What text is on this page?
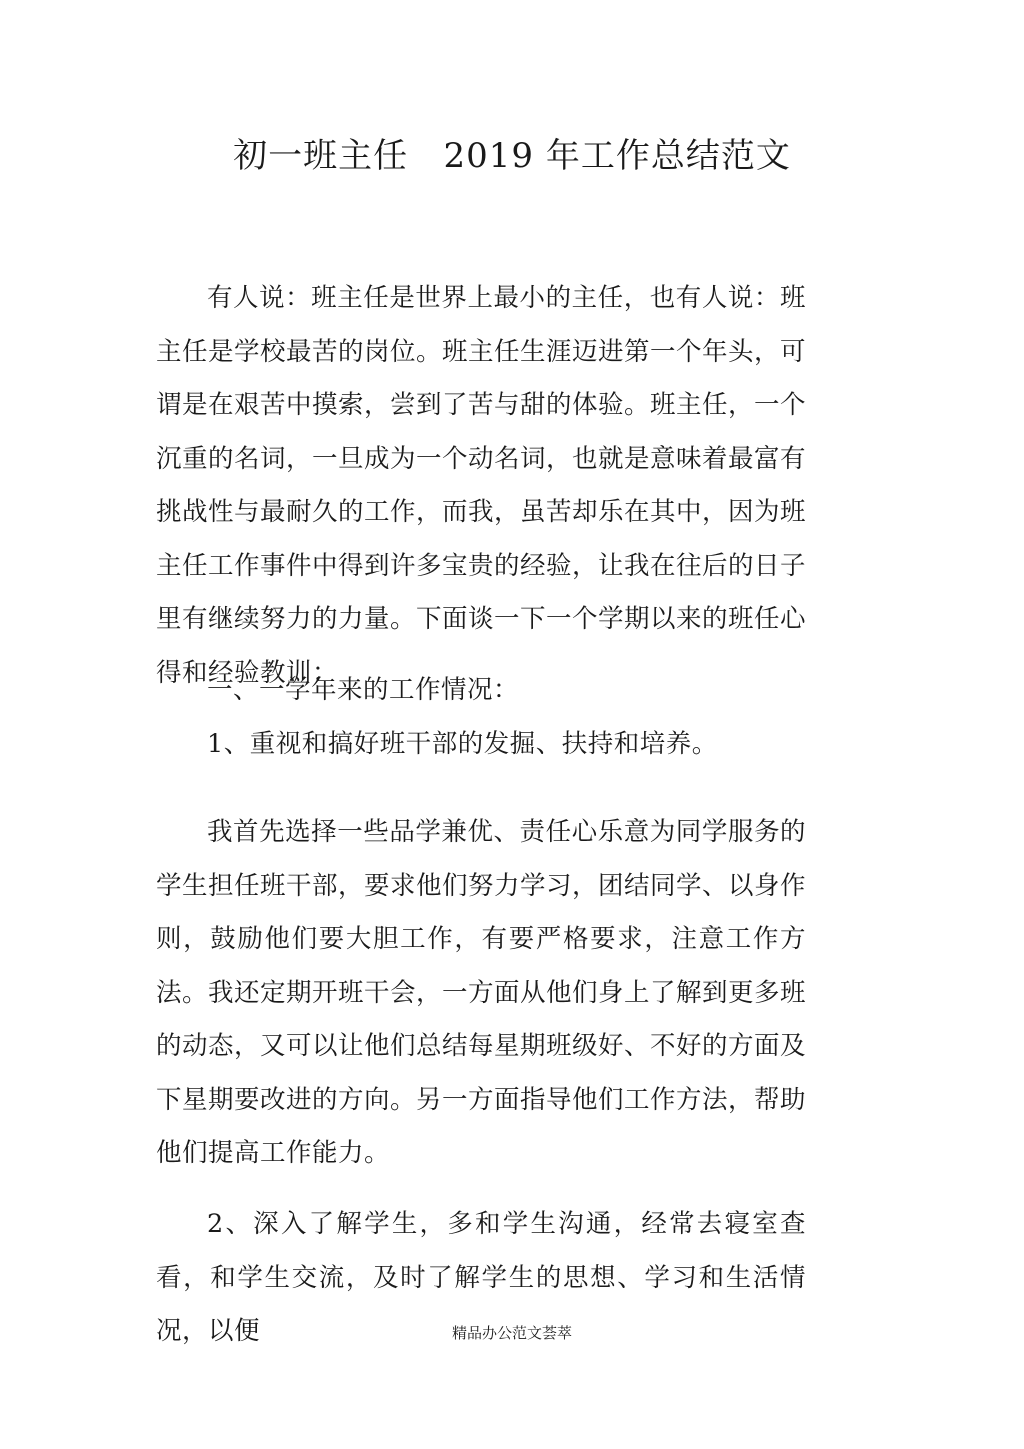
初一班主任   2019 年工作总结范文

有人说：班主任是世界上最小的主任，也有人说：班主任是学校最苦的岗位。班主任生涯迈进第一个年头，可谓是在艰苦中摸索，尝到了苦与甜的体验。班主任，一个沉重的名词，一旦成为一个动名词，也就是意味着最富有挑战性与最耐久的工作，而我，虽苦却乐在其中，因为班主任工作事件中得到许多宝贵的经验，让我在往后的日子里有继续努力的力量。下面谈一下一个学期以来的班任心得和经验教训：

一、一学年来的工作情况：

1、重视和搞好班干部的发掘、扶持和培养。

我首先选择一些品学兼优、责任心乐意为同学服务的学生担任班干部，要求他们努力学习，团结同学、以身作则，鼓励他们要大胆工作，有要严格要求，注意工作方法。我还定期开班干会，一方面从他们身上了解到更多班的动态，又可以让他们总结每星期班级好、不好的方面及下星期要改进的方向。另一方面指导他们工作方法，帮助他们提高工作能力。

2、深入了解学生，多和学生沟通，经常去寝室查看，和学生交流，及时了解学生的思想、学习和生活情况，以便	精品办公范文荟萃
